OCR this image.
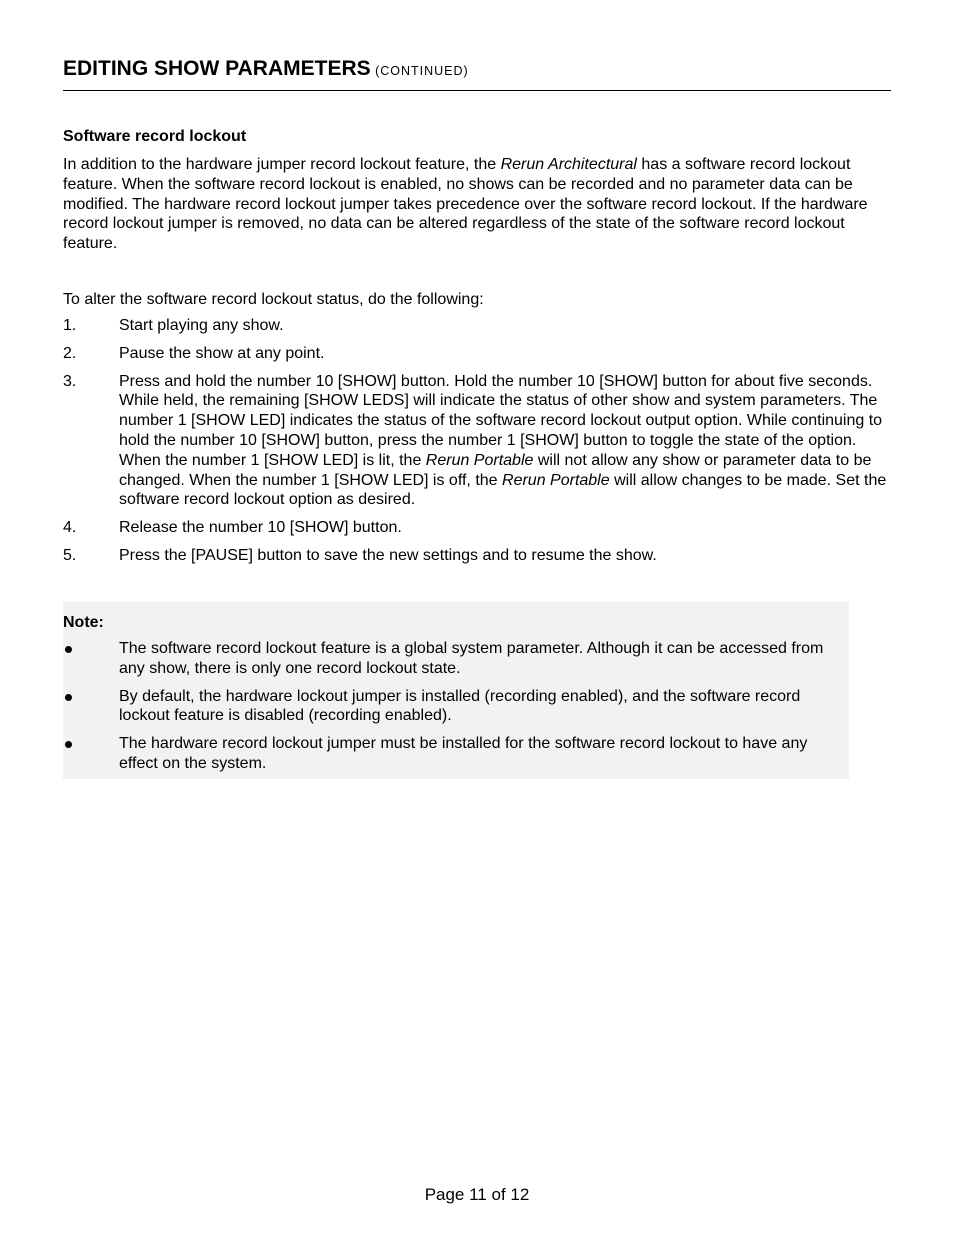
EDITING SHOW PARAMETERS (CONTINUED)
Software record lockout
In addition to the hardware jumper record lockout feature, the Rerun Architectural has a software record lockout feature. When the software record lockout is enabled, no shows can be recorded and no parameter data can be modified. The hardware record lockout jumper takes precedence over the software record lockout. If the hardware record lockout jumper is removed, no data can be altered regardless of the state of the software record lockout feature.
To alter the software record lockout status, do the following:
1.	Start playing any show.
2.	Pause the show at any point.
3.	Press and hold the number 10 [SHOW] button. Hold the number 10 [SHOW] button for about five seconds. While held, the remaining [SHOW LEDS] will indicate the status of other show and system parameters. The number 1 [SHOW LED] indicates the status of the software record lockout output option. While continuing to hold the number 10 [SHOW] button, press the number 1 [SHOW] button to toggle the state of the option. When the number 1 [SHOW LED] is lit, the Rerun Portable will not allow any show or parameter data to be changed. When the number 1 [SHOW LED] is off, the Rerun Portable will allow changes to be made. Set the software record lockout option as desired.
4.	Release the number 10 [SHOW] button.
5.	Press the [PAUSE] button to save the new settings and to resume the show.
Note:
The software record lockout feature is a global system parameter. Although it can be accessed from any show, there is only one record lockout state.
By default, the hardware lockout jumper is installed (recording enabled), and the software record lockout feature is disabled (recording enabled).
The hardware record lockout jumper must be installed for the software record lockout to have any effect on the system.
Page 11 of 12
